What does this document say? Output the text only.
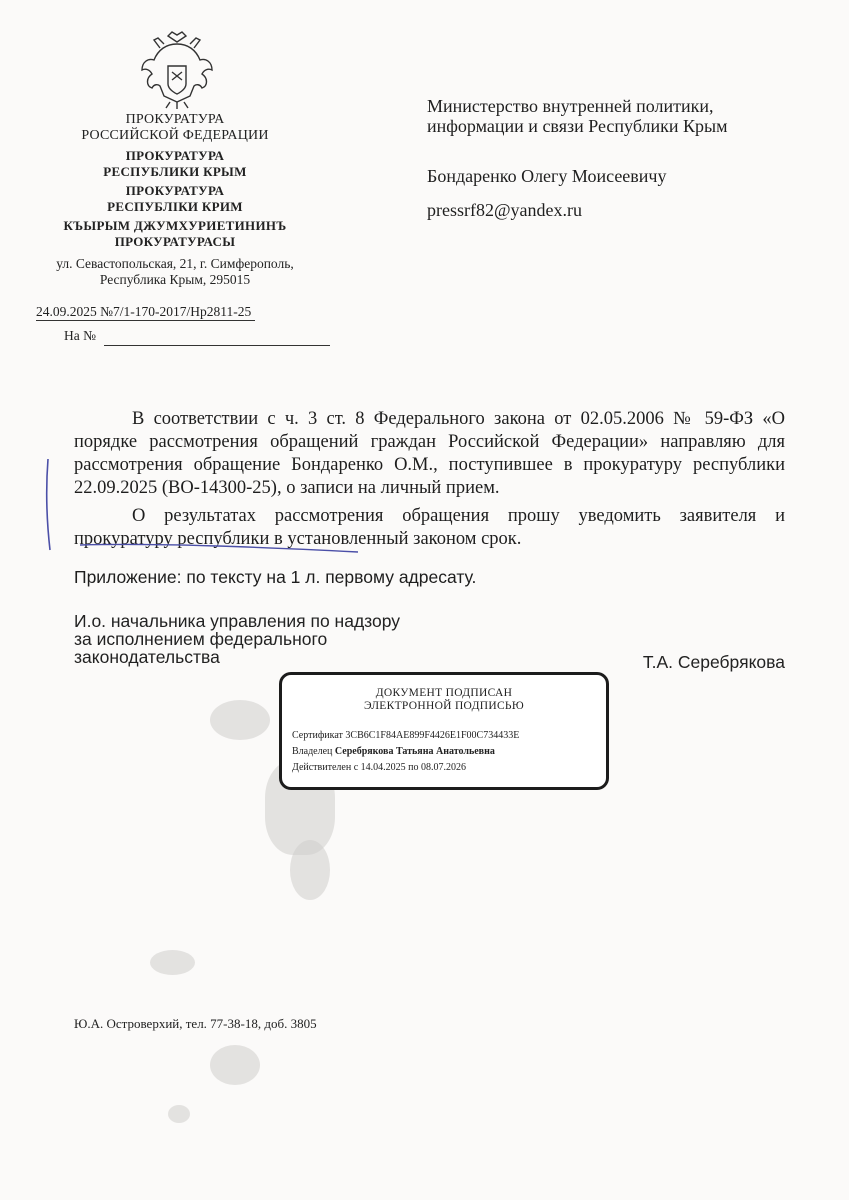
ПРОКУРАТУРА
РОССИЙСКОЙ ФЕДЕРАЦИИ
ПРОКУРАТУРА
РЕСПУБЛИКИ КРЫМ
ПРОКУРАТУРА
РЕСПУБЛІКИ КРИМ
КЪЫРЫМ ДЖУМХУРИЕТИНИНЪ
ПРОКУРАТУРАСЫ
ул. Севастопольская, 21, г. Симферополь,
Республика Крым, 295015
24.09.2025 №7/1-170-2017/Нр2811-25
На №
Министерство внутренней политики,
информации и связи Республики Крым
Бондаренко Олегу Моисеевичу
pressrf82@yandex.ru
В соответствии с ч. 3 ст. 8 Федерального закона от 02.05.2006 № 59-ФЗ «О порядке рассмотрения обращений граждан Российской Федерации» направляю для рассмотрения обращение Бондаренко О.М., поступившее в прокуратуру республики 22.09.2025 (ВО-14300-25), о записи на личный прием.
О результатах рассмотрения обращения прошу уведомить заявителя и прокуратуру республики в установленный законом срок.
Приложение: по тексту на 1 л. первому адресату.
И.о. начальника управления по надзору
за исполнением федерального
законодательства	Т.А. Серебрякова
ДОКУМЕНТ ПОДПИСАН
ЭЛЕКТРОННОЙ ПОДПИСЬЮ
Сертификат 3CB6C1F84AE899F4426E1F00C734433E
Владелец Серебрякова Татьяна Анатольевна
Действителен с 14.04.2025 по 08.07.2026
Ю.А. Островерхий, тел. 77-38-18, доб. 3805
